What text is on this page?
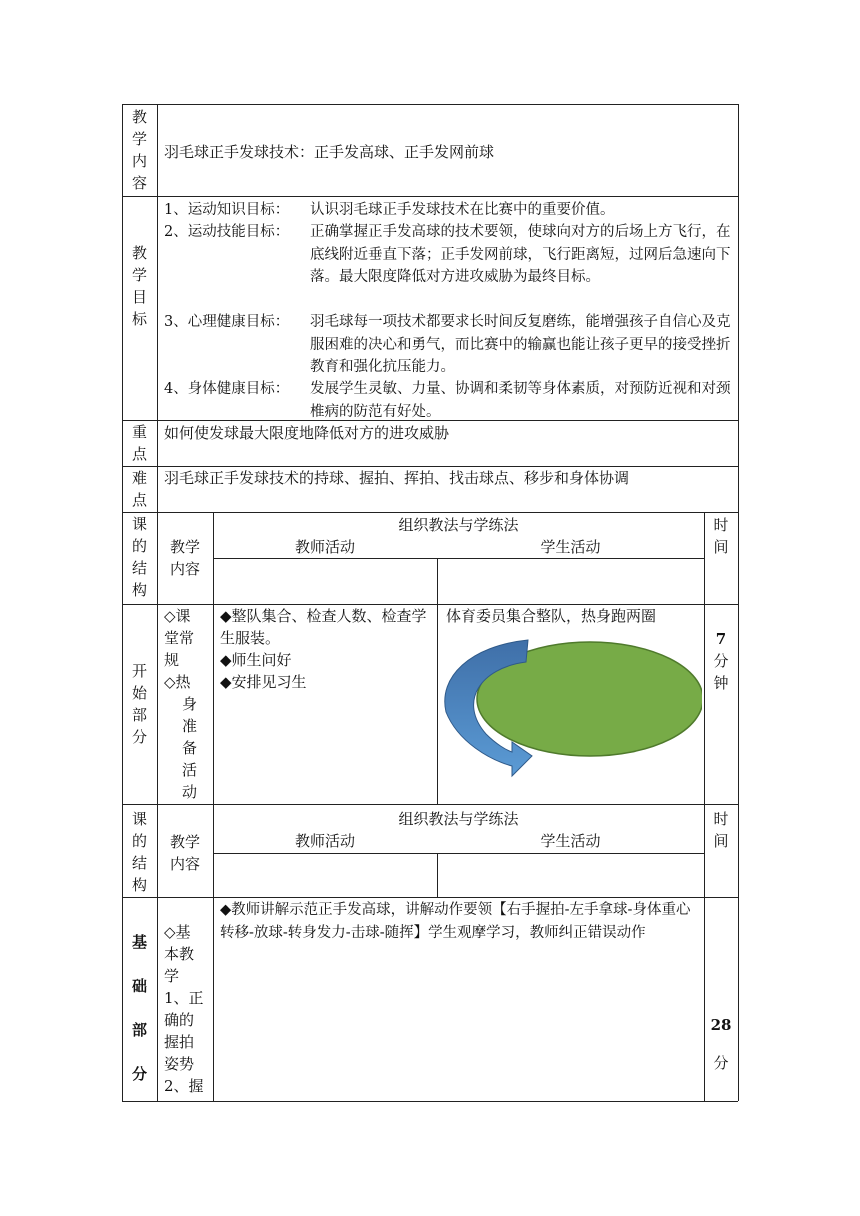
教
学
内
容
羽毛球正手发球技术：正手发高球、正手发网前球
教
学
目
标
1、运动知识目标： 认识羽毛球正手发球技术在比赛中的重要价值。
2、运动技能目标： 正确掌握正手发高球的技术要领，使球向对方的后场上方飞行，在底线附近垂直下落；正手发网前球，飞行距离短，过网后急速向下落。最大限度降低对方进攻威胁为最终目标。
3、心理健康目标： 羽毛球每一项技术都要求长时间反复磨练，能增强孩子自信心及克服困难的决心和勇气，而比赛中的输赢也能让孩子更早的接受挫折教育和强化抗压能力。
4、身体健康目标： 发展学生灵敏、力量、协调和柔韧等身体素质，对预防近视和对颈椎病的防范有好处。
重
点
如何使发球最大限度地降低对方的进攻威胁
难
点
羽毛球正手发球技术的持球、握拍、挥拍、找击球点、移步和身体协调
课
的
结
构
教学
内容
组织教法与学练法
教师活动	学生活动
时
间
开
始
部
分
◇课
堂常
规
◇热
身
准
备
活
动
◆整队集合、检查人数、检查学生服装。
◆师生问好
◆安排见习生
体育委员集合整队，热身跑两圈
7
分
钟
课
的
结
构
教学
内容
组织教法与学练法
教师活动	学生活动
时
间
基
础
部
分
◇基
本教
学
1、正
确的
握拍
姿势
2、握
◆教师讲解示范正手发高球，讲解动作要领【右手握拍-左手拿球-身体重心转移-放球-转身发力-击球-随挥】学生观摩学习，教师纠正错误动作
28
分
